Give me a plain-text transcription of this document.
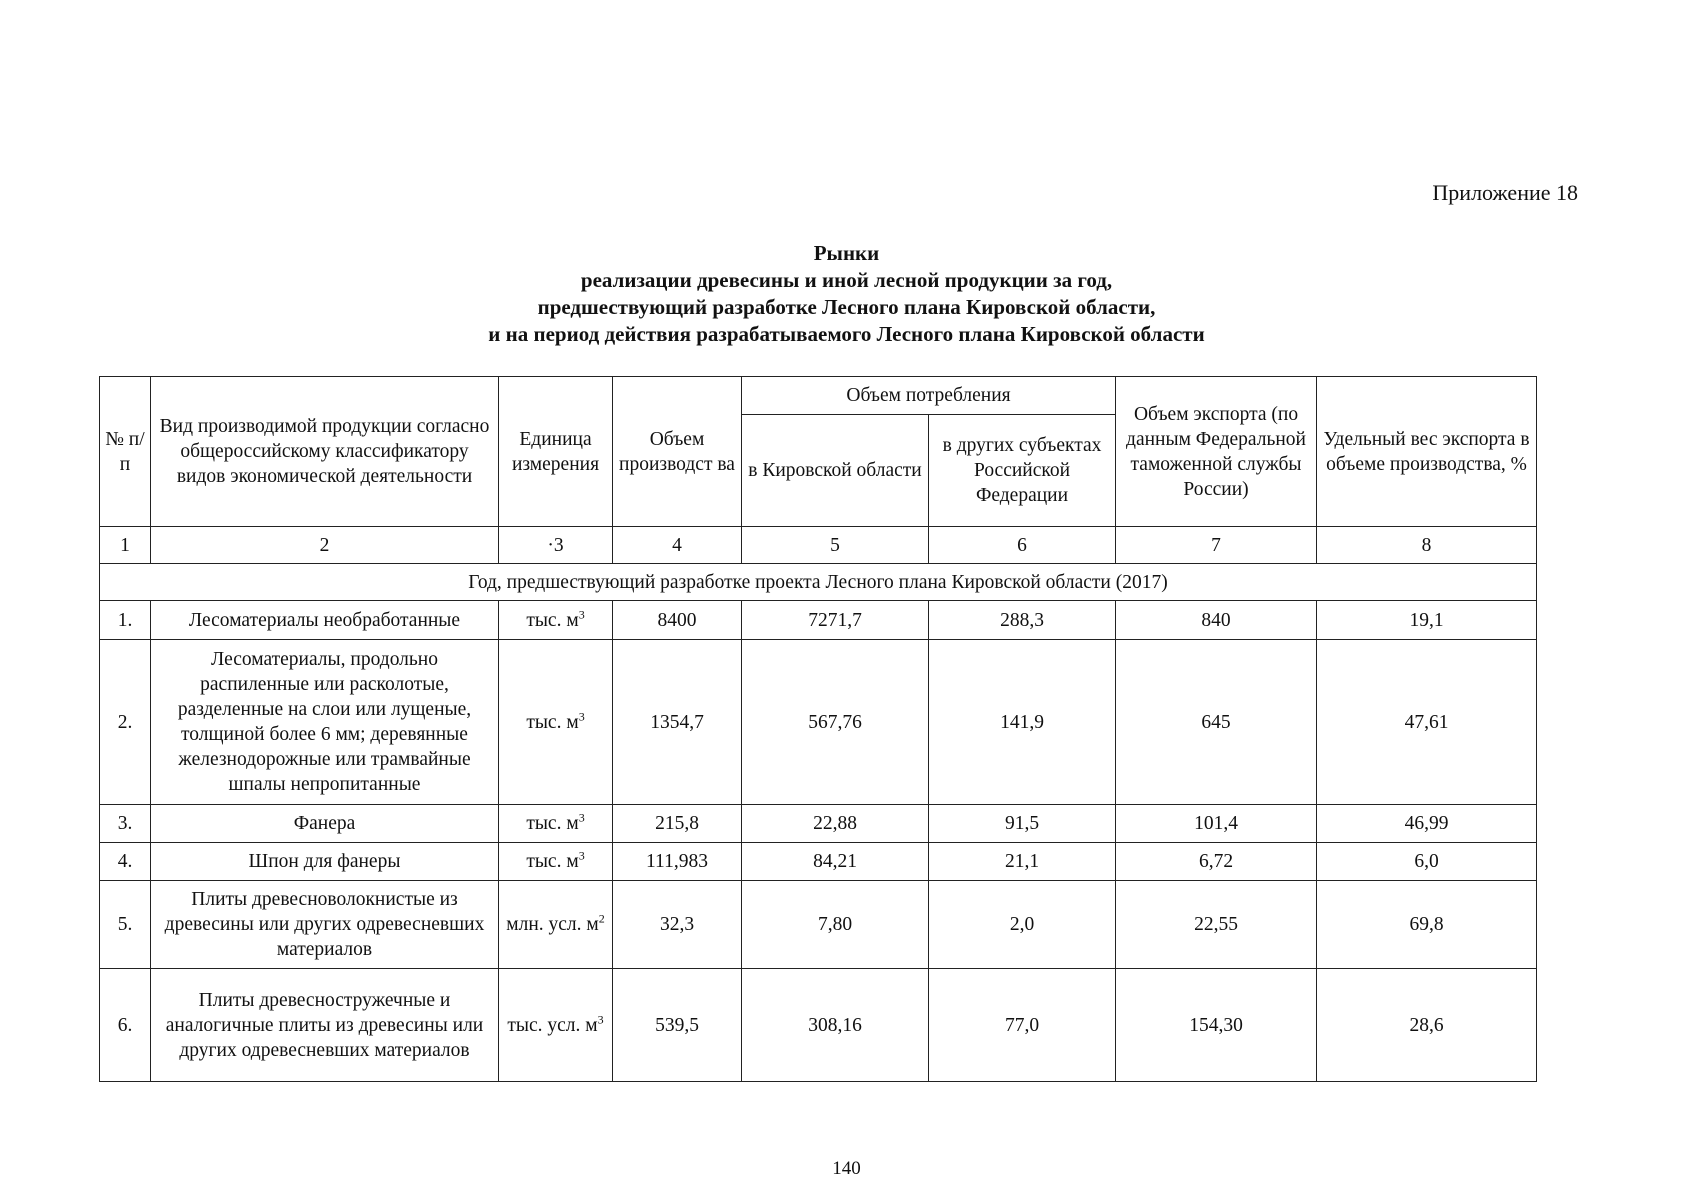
Приложение 18
Рынки
реализации древесины и иной лесной продукции за год,
предшествующий разработке Лесного плана Кировской области,
и на период действия разрабатываемого Лесного плана Кировской области
№ п/п	Вид производимой продукции согласно общероссийскому классификатору видов экономической деятельности	Единица измерения	Объем производст ва	Объем потребления		Объем экспорта (по данным Федеральной таможенной службы России)	Удельный вес экспорта в объеме производства, %
				в Кировской области	в других субъектах Российской Федерации		
1	2	·3	4	5	6	7	8
Год, предшествующий разработке проекта Лесного плана Кировской области (2017)							
1.	Лесоматериалы необработанные	тыс. $м^3$	8400	7271,7	288,3	840	19,1
2.	Лесоматериалы, продольно распиленные или расколотые, разделенные на слои или лущеные, толщиной более 6 мм; деревянные железнодорожные или трамвайные шпалы непропитанные	тыс. $м^3$	1354,7	567,76	141,9	645	47,61
3.	Фанера	тыс. $м^3$	215,8	22,88	91,5	101,4	46,99
4.	Шпон для фанеры	тыс. $м^3$	111,983	84,21	21,1	6,72	6,0
5.	Плиты древесноволокнистые из древесины или других одревесневших материалов	млн. усл. $м^2$	32,3	7,80	2,0	22,55	69,8
6.	Плиты древесностружечные и аналогичные плиты из древесины или других одревесневших материалов	тыс. усл. $м^3$	539,5	308,16	77,0	154,30	28,6
140
